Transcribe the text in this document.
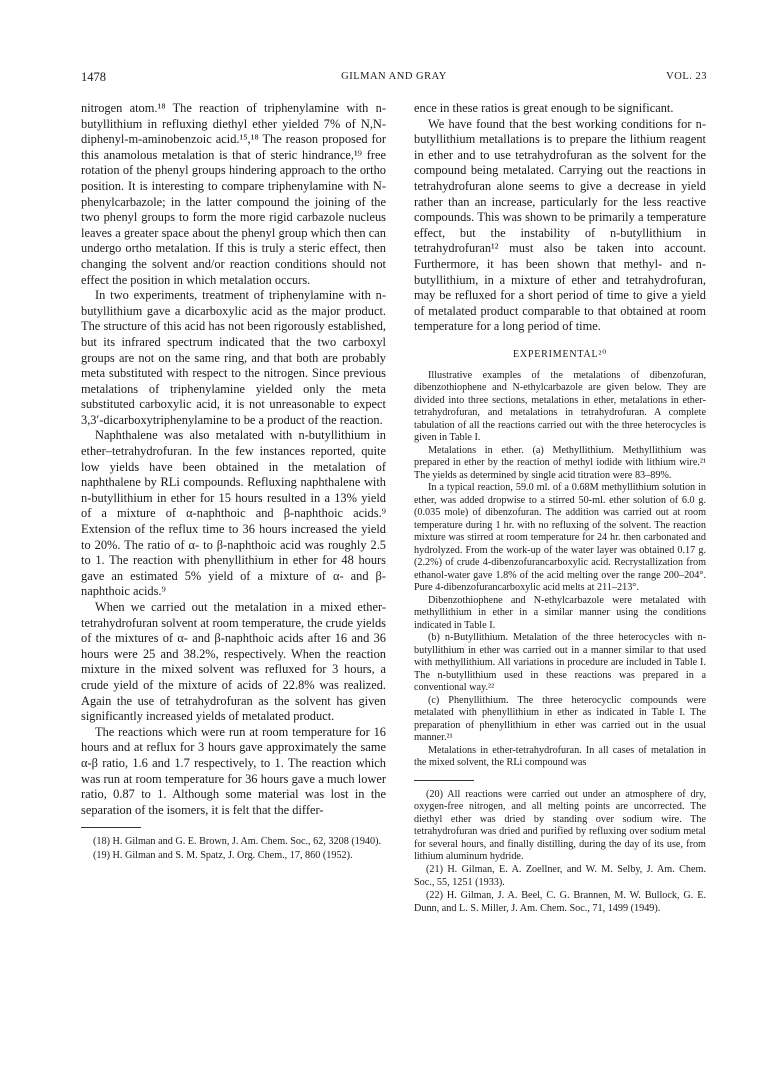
1478	GILMAN AND GRAY	VOL. 23

nitrogen atom.¹⁸ The reaction of triphenylamine with n-butyllithium in refluxing diethyl ether yielded 7% of N,N-diphenyl-m-aminobenzoic acid.¹⁵,¹⁸ The reason proposed for this anamolous metalation is that of steric hindrance,¹⁹ free rotation of the phenyl groups hindering approach to the ortho position. It is interesting to compare triphenylamine with N-phenylcarbazole; in the latter compound the joining of the two phenyl groups to form the more rigid carbazole nucleus leaves a greater space about the phenyl group which then can undergo ortho metalation. If this is truly a steric effect, then changing the solvent and/or reaction conditions should not effect the position in which metalation occurs.

In two experiments, treatment of triphenylamine with n-butyllithium gave a dicarboxylic acid as the major product. The structure of this acid has not been rigorously established, but its infrared spectrum indicated that the two carboxyl groups are not on the same ring, and that both are probably meta substituted with respect to the nitrogen. Since previous metalations of triphenylamine yielded only the meta substituted carboxylic acid, it is not unreasonable to expect 3,3′-dicarboxytriphenylamine to be a product of the reaction.

Naphthalene was also metalated with n-butyllithium in ether–tetrahydrofuran. In the few instances reported, quite low yields have been obtained in the metalation of naphthalene by RLi compounds. Refluxing naphthalene with n-butyllithium in ether for 15 hours resulted in a 13% yield of a mixture of α-naphthoic and β-naphthoic acids.⁹ Extension of the reflux time to 36 hours increased the yield to 20%. The ratio of α- to β-naphthoic acid was roughly 2.5 to 1. The reaction with phenyllithium in ether for 48 hours gave an estimated 5% yield of a mixture of α- and β-naphthoic acids.⁹

When we carried out the metalation in a mixed ether-tetrahydrofuran solvent at room temperature, the crude yields of the mixtures of α- and β-naphthoic acids after 16 and 36 hours were 25 and 38.2%, respectively. When the reaction mixture in the mixed solvent was refluxed for 3 hours, a crude yield of the mixture of acids of 22.8% was realized. Again the use of tetrahydrofuran as the solvent has given significantly increased yields of metalated product.

The reactions which were run at room temperature for 16 hours and at reflux for 3 hours gave approximately the same α-β ratio, 1.6 and 1.7 respectively, to 1. The reaction which was run at room temperature for 36 hours gave a much lower ratio, 0.87 to 1. Although some material was lost in the separation of the isomers, it is felt that the differ-

(18) H. Gilman and G. E. Brown, J. Am. Chem. Soc., 62, 3208 (1940).

(19) H. Gilman and S. M. Spatz, J. Org. Chem., 17, 860 (1952).

ence in these ratios is great enough to be significant.

We have found that the best working conditions for n-butyllithium metallations is to prepare the lithium reagent in ether and to use tetrahydrofuran as the solvent for the compound being metalated. Carrying out the reactions in tetrahydrofuran alone seems to give a decrease in yield rather than an increase, particularly for the less reactive compounds. This was shown to be primarily a temperature effect, but the instability of n-butyllithium in tetrahydrofuran¹² must also be taken into account. Furthermore, it has been shown that methyl- and n-butyllithium, in a mixture of ether and tetrahydrofuran, may be refluxed for a short period of time to give a yield of metalated product comparable to that obtained at room temperature for a long period of time.

EXPERIMENTAL²⁰

Illustrative examples of the metalations of dibenzofuran, dibenzothiophene and N-ethylcarbazole are given below. They are divided into three sections, metalations in ether, metalations in ether-tetrahydrofuran, and metalations in tetrahydrofuran. A complete tabulation of all the reactions carried out with the three heterocycles is given in Table I.

Metalations in ether. (a) Methyllithium. Methyllithium was prepared in ether by the reaction of methyl iodide with lithium wire.²¹ The yields as determined by single acid titration were 83–89%.

In a typical reaction, 59.0 ml. of a 0.68M methyllithium solution in ether, was added dropwise to a stirred 50-ml. ether solution of 6.0 g. (0.035 mole) of dibenzofuran. The addition was carried out at room temperature during 1 hr. with no refluxing of the solvent. The reaction mixture was stirred at room temperature for 24 hr. then carbonated and hydrolyzed. From the work-up of the water layer was obtained 0.17 g. (2.2%) of crude 4-dibenzofurancarboxylic acid. Recrystallization from ethanol-water gave 1.8% of the acid melting over the range 200–204°. Pure 4-dibenzofurancarboxylic acid melts at 211–213°.

Dibenzothiophene and N-ethylcarbazole were metalated with methyllithium in ether in a similar manner using the conditions indicated in Table I.

(b) n-Butyllithium. Metalation of the three heterocycles with n-butyllithium in ether was carried out in a manner similar to that used with methyllithium. All variations in procedure are included in Table I. The n-butyllithium used in these reactions was prepared in a conventional way.²²

(c) Phenyllithium. The three heterocyclic compounds were metalated with phenyllithium in ether as indicated in Table I. The preparation of phenyllithium in ether was carried out in the usual manner.²¹

Metalations in ether-tetrahydrofuran. In all cases of metalation in the mixed solvent, the RLi compound was

(20) All reactions were carried out under an atmosphere of dry, oxygen-free nitrogen, and all melting points are uncorrected. The diethyl ether was dried by standing over sodium wire. The tetrahydrofuran was dried and purified by refluxing over sodium metal for several hours, and finally distilling, during the day of its use, from lithium aluminum hydride.

(21) H. Gilman, E. A. Zoellner, and W. M. Selby, J. Am. Chem. Soc., 55, 1251 (1933).

(22) H. Gilman, J. A. Beel, C. G. Brannen, M. W. Bullock, G. E. Dunn, and L. S. Miller, J. Am. Chem. Soc., 71, 1499 (1949).
